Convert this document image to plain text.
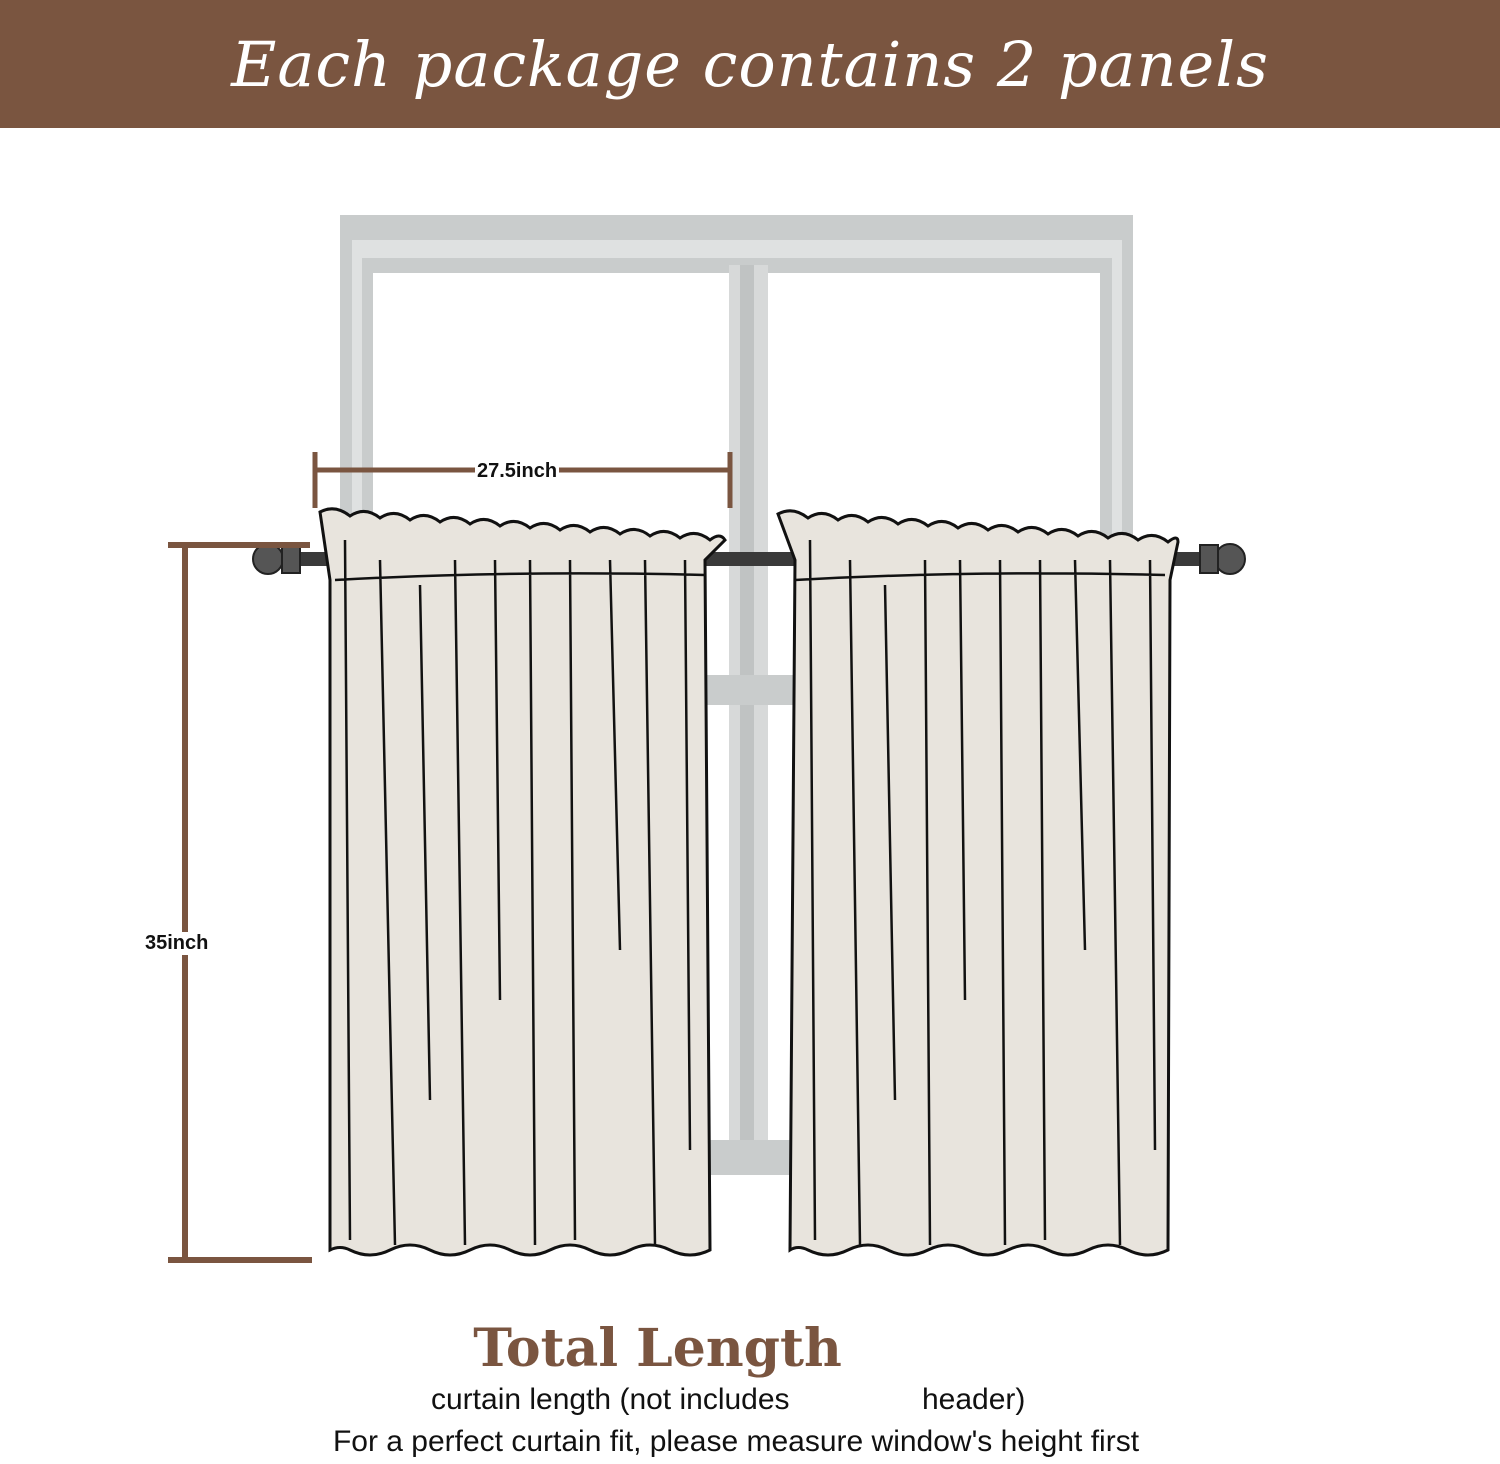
Each package contains 2 panels
27.5inch
35inch
Total Length
curtain length (not includes	header)
For a perfect curtain fit, please measure window's height first
